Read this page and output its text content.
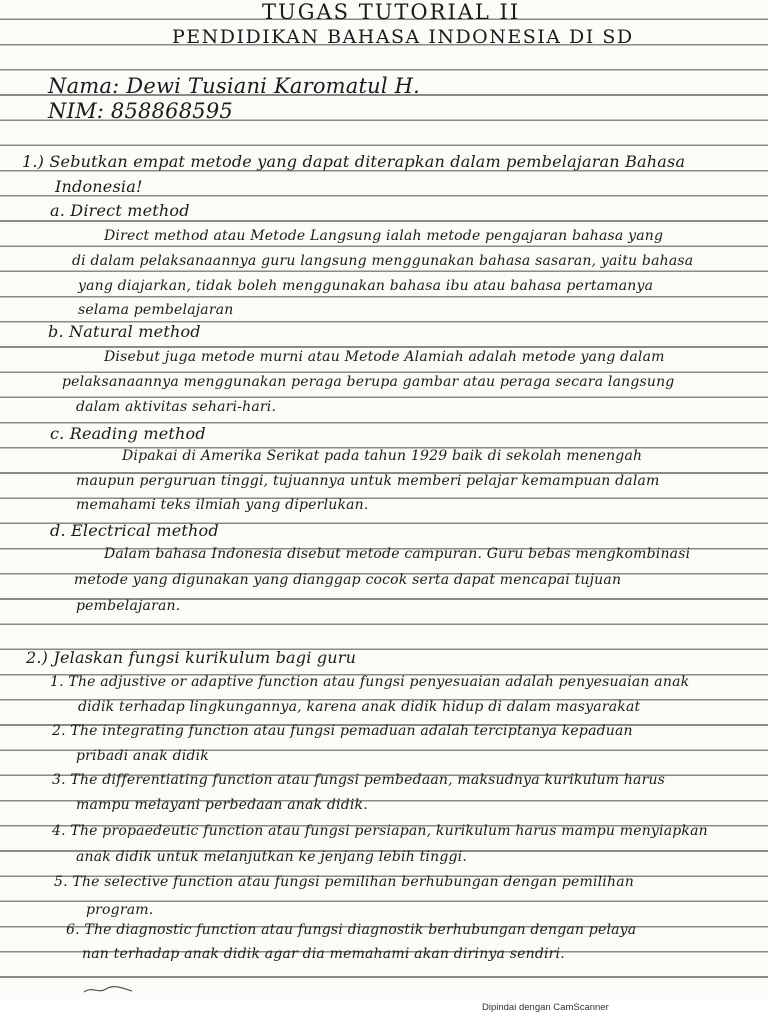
TUGAS TUTORIAL II
PENDIDIKAN BAHASA INDONESIA DI SD
Nama: Dewi Tusiani Karomatul H.
NIM: 858868595
1.) Sebutkan empat metode yang dapat diterapkan dalam pembelajaran Bahasa
Indonesia!
a. Direct method
Direct method atau Metode Langsung ialah metode pengajaran bahasa yang
di dalam pelaksanaannya guru langsung menggunakan bahasa sasaran, yaitu bahasa
yang diajarkan, tidak boleh menggunakan bahasa ibu atau bahasa pertamanya
selama pembelajaran
b. Natural method
Disebut juga metode murni atau Metode Alamiah adalah metode yang dalam
pelaksanaannya menggunakan peraga berupa gambar atau peraga secara langsung
dalam aktivitas sehari-hari.
c. Reading method
Dipakai di Amerika Serikat pada tahun 1929 baik di sekolah menengah
maupun perguruan tinggi, tujuannya untuk memberi pelajar kemampuan dalam
memahami teks ilmiah yang diperlukan.
d. Electrical method
Dalam bahasa Indonesia disebut metode campuran. Guru bebas mengkombinasi
metode yang digunakan yang dianggap cocok serta dapat mencapai tujuan
pembelajaran.
2.) Jelaskan fungsi kurikulum bagi guru
1. The adjustive or adaptive function atau fungsi penyesuaian adalah penyesuaian anak
didik terhadap lingkungannya, karena anak didik hidup di dalam masyarakat
2. The integrating function atau fungsi pemaduan adalah terciptanya kepaduan
pribadi anak didik
3. The differentiating function atau fungsi pembedaan, maksudnya kurikulum harus
mampu melayani perbedaan anak didik.
4. The propaedeutic function atau fungsi persiapan, kurikulum harus mampu menyiapkan
anak didik untuk melanjutkan ke jenjang lebih tinggi.
5. The selective function atau fungsi pemilihan berhubungan dengan pemilihan
program.
6. The diagnostic function atau fungsi diagnostik berhubungan dengan pelaya
nan terhadap anak didik agar dia memahami akan dirinya sendiri.
Dipindai dengan CamScanner
